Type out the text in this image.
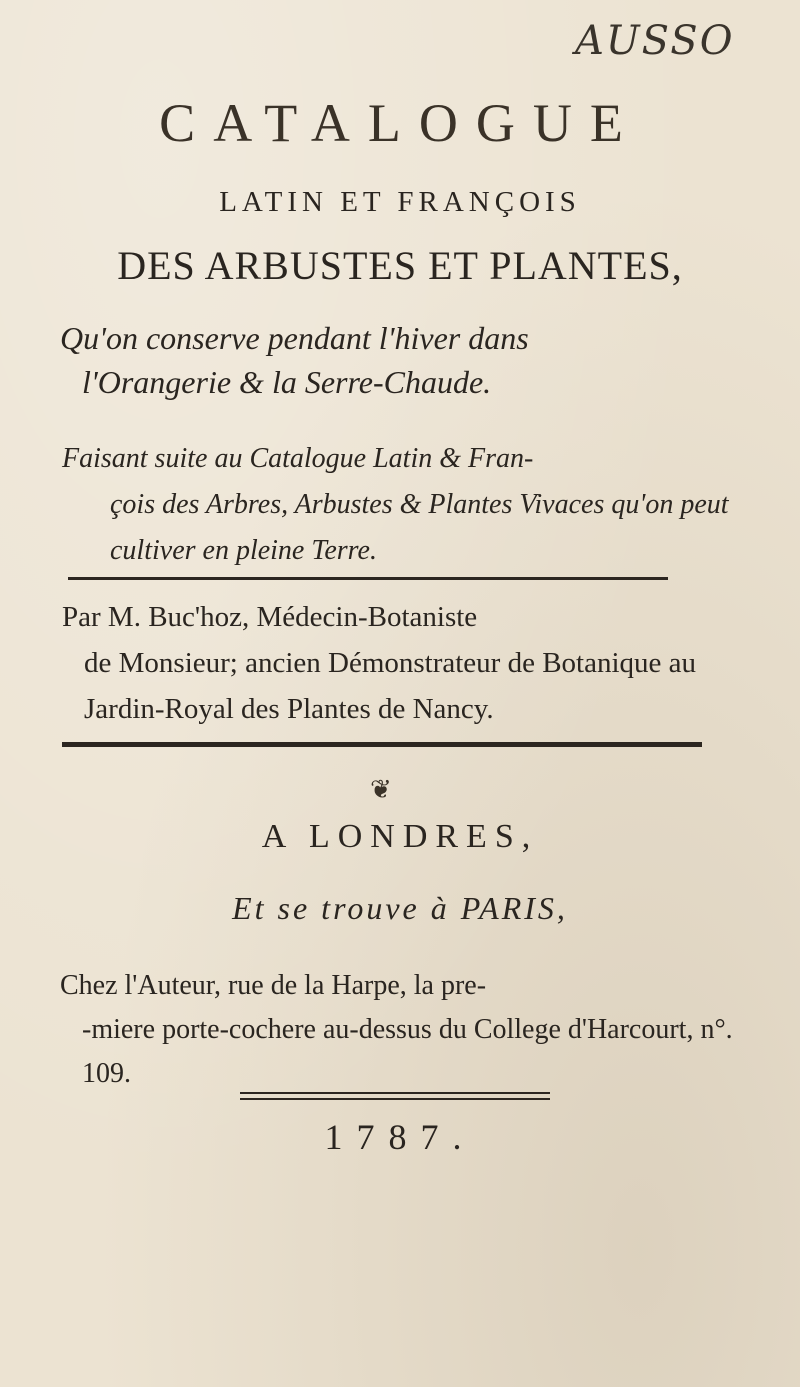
AUSSO
CATALOGUE
LATIN ET FRANÇOIS
DES ARBUSTES ET PLANTES,
Qu'on conserve pendant l'hiver dans
l'Orangerie & la Serre-Chaude.
Faisant suite au Catalogue Latin & Fran-
çois des Arbres, Arbustes & Plantes Vivaces qu'on peut cultiver en pleine Terre.
Par M. Buc'hoz, Médecin-Botaniste
de Monsieur; ancien Démonstrateur de Botanique au Jardin-Royal des Plantes de Nancy.
❦
A LONDRES,
Et se trouve à PARIS,
Chez l'Auteur, rue de la Harpe, la pre-
-miere porte-cochere au-dessus du College d'Harcourt, n°. 109.
1787.
